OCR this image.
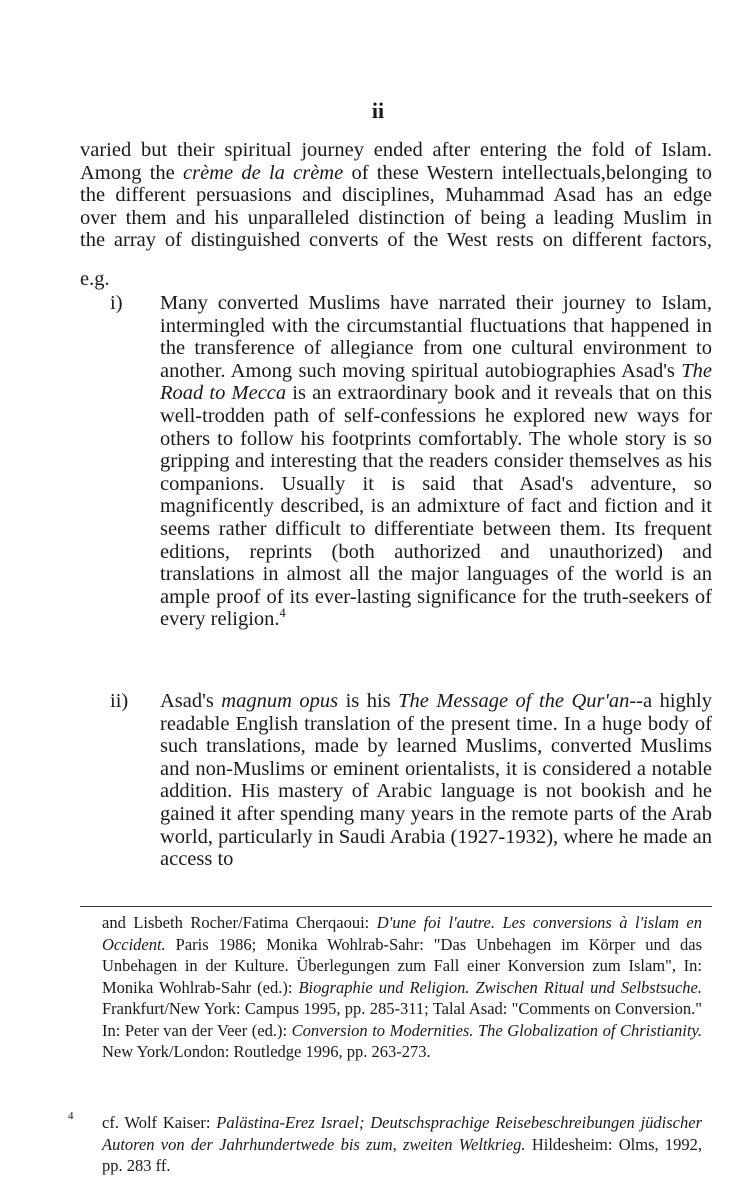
ii
varied but their spiritual journey ended after entering the fold of Islam.
Among the crème de la crème of these Western intellectuals,belonging to
the different persuasions and disciplines, Muhammad Asad has an edge
over them and his unparalleled distinction of being a leading Muslim in
the array of distinguished converts of the West rests on different factors,
e.g.
i) Many converted Muslims have narrated their journey to Islam, intermingled with the circumstantial fluctuations that happened in the transference of allegiance from one cultural environment to another. Among such moving spiritual autobiographies Asad's The Road to Mecca is an extraordinary book and it reveals that on this well-trodden path of self-confessions he explored new ways for others to follow his footprints comfortably. The whole story is so gripping and interesting that the readers consider themselves as his companions. Usually it is said that Asad's adventure, so magnificently described, is an admixture of fact and fiction and it seems rather difficult to differentiate between them. Its frequent editions, reprints (both authorized and unauthorized) and translations in almost all the major languages of the world is an ample proof of its ever-lasting significance for the truth-seekers of every religion.$^4$
ii) Asad's magnum opus is his The Message of the Qur'an--a highly readable English translation of the present time. In a huge body of such translations, made by learned Muslims, converted Muslims and non-Muslims or eminent orientalists, it is considered a notable addition. His mastery of Arabic language is not bookish and he gained it after spending many years in the remote parts of the Arab world, particularly in Saudi Arabia (1927-1932), where he made an access to
and Lisbeth Rocher/Fatima Cherqaoui: D'une foi l'autre. Les conversions à l'islam en Occident. Paris 1986; Monika Wohlrab-Sahr: "Das Unbehagen im Körper und das Unbehagen in der Kulture. Überlegungen zum Fall einer Konversion zum Islam", In: Monika Wohlrab-Sahr (ed.): Biographie und Religion. Zwischen Ritual und Selbstsuche. Frankfurt/New York: Campus 1995, pp. 285-311; Talal Asad: "Comments on Conversion." In: Peter van der Veer (ed.): Conversion to Modernities. The Globalization of Christianity. New York/London: Routledge 1996, pp. 263-273.
4 cf. Wolf Kaiser: Palästina-Erez Israel; Deutschsprachige Reisebeschreibungen jüdischer Autoren von der Jahrhundertwede bis zum, zweiten Weltkrieg. Hildesheim: Olms, 1992, pp. 283 ff.
